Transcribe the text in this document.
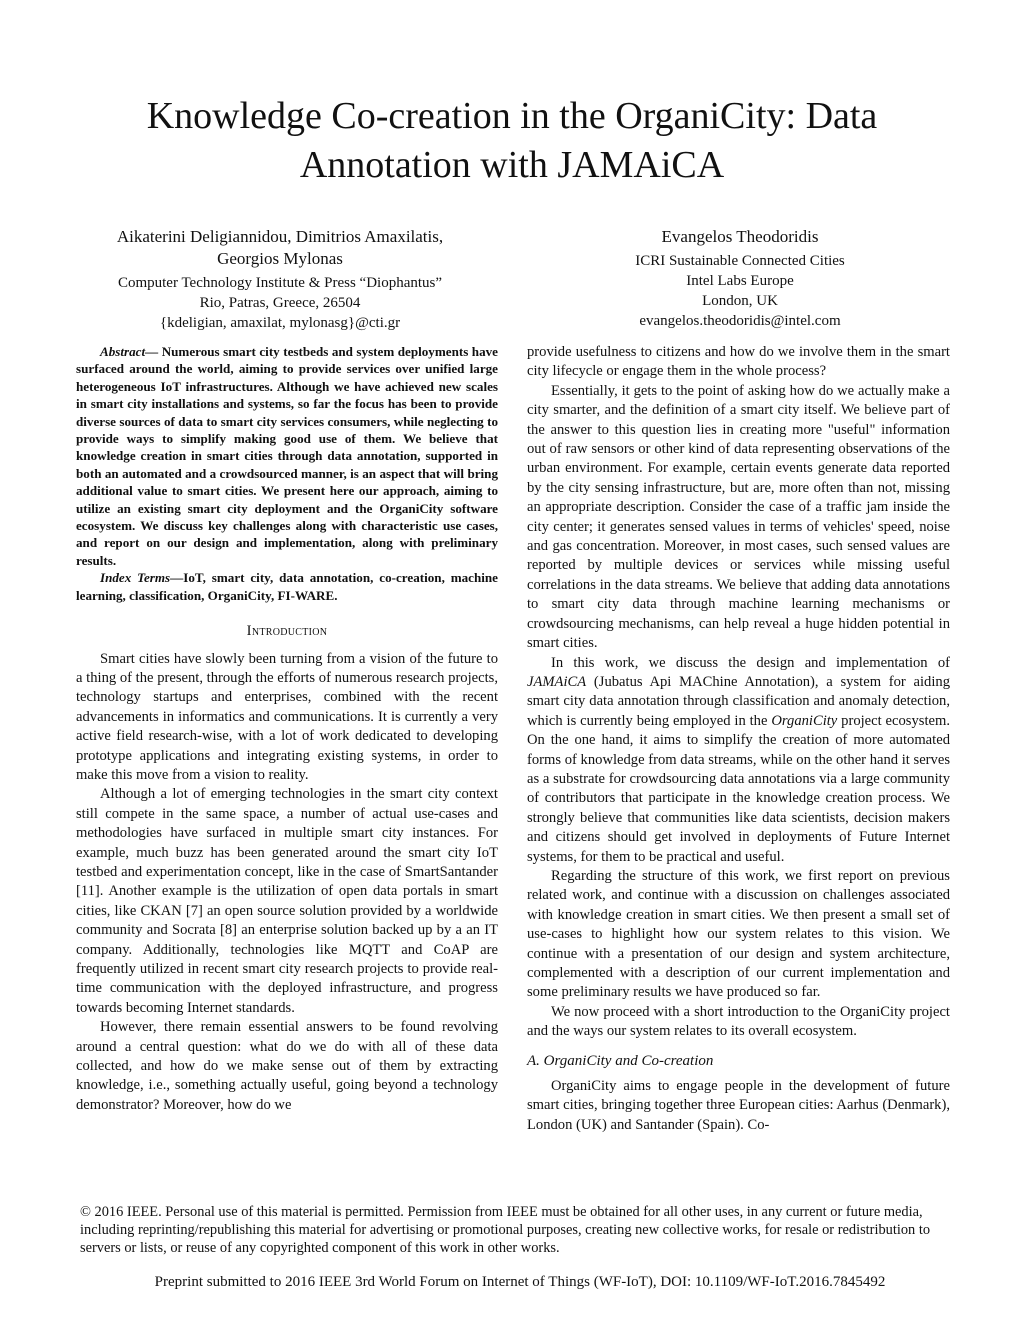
Knowledge Co-creation in the OrganiCity: Data Annotation with JAMAiCA
Aikaterini Deligiannidou, Dimitrios Amaxilatis,
Georgios Mylonas
Computer Technology Institute & Press “Diophantus”
Rio, Patras, Greece, 26504
{kdeligian, amaxilat, mylonasg}@cti.gr
Evangelos Theodoridis
ICRI Sustainable Connected Cities
Intel Labs Europe
London, UK
evangelos.theodoridis@intel.com

Abstract— Numerous smart city testbeds and system deployments have surfaced around the world, aiming to provide services over unified large heterogeneous IoT infrastructures. Although we have achieved new scales in smart city installations and systems, so far the focus has been to provide diverse sources of data to smart city services consumers, while neglecting to provide ways to simplify making good use of them. We believe that knowledge creation in smart cities through data annotation, supported in both an automated and a crowdsourced manner, is an aspect that will bring additional value to smart cities. We present here our approach, aiming to utilize an existing smart city deployment and the OrganiCity software ecosystem. We discuss key challenges along with characteristic use cases, and report on our design and implementation, along with preliminary results.

Index Terms—IoT, smart city, data annotation, co-creation, machine learning, classification, OrganiCity, FI-WARE.

Introduction

Smart cities have slowly been turning from a vision of the future to a thing of the present, through the efforts of numerous research projects, technology startups and enterprises, combined with the recent advancements in informatics and communications. It is currently a very active field research-wise, with a lot of work dedicated to developing prototype applications and integrating existing systems, in order to make this move from a vision to reality.

Although a lot of emerging technologies in the smart city context still compete in the same space, a number of actual use-cases and methodologies have surfaced in multiple smart city instances. For example, much buzz has been generated around the smart city IoT testbed and experimentation concept, like in the case of SmartSantander [11]. Another example is the utilization of open data portals in smart cities, like CKAN [7] an open source solution provided by a worldwide community and Socrata [8] an enterprise solution backed up by a an IT company. Additionally, technologies like MQTT and CoAP are frequently utilized in recent smart city research projects to provide real-time communication with the deployed infrastructure, and progress towards becoming Internet standards.

However, there remain essential answers to be found revolving around a central question: what do we do with all of these data collected, and how do we make sense out of them by extracting knowledge, i.e., something actually useful, going beyond a technology demonstrator? Moreover, how do we

provide usefulness to citizens and how do we involve them in the smart city lifecycle or engage them in the whole process?

Essentially, it gets to the point of asking how do we actually make a city smarter, and the definition of a smart city itself. We believe part of the answer to this question lies in creating more "useful" information out of raw sensors or other kind of data representing observations of the urban environment. For example, certain events generate data reported by the city sensing infrastructure, but are, more often than not, missing an appropriate description. Consider the case of a traffic jam inside the city center; it generates sensed values in terms of vehicles' speed, noise and gas concentration. Moreover, in most cases, such sensed values are reported by multiple devices or services while missing useful correlations in the data streams. We believe that adding data annotations to smart city data through machine learning mechanisms or crowdsourcing mechanisms, can help reveal a huge hidden potential in smart cities.

In this work, we discuss the design and implementation of JAMAiCA (Jubatus Api MAChine Annotation), a system for aiding smart city data annotation through classification and anomaly detection, which is currently being employed in the OrganiCity project ecosystem. On the one hand, it aims to simplify the creation of more automated forms of knowledge from data streams, while on the other hand it serves as a substrate for crowdsourcing data annotations via a large community of contributors that participate in the knowledge creation process. We strongly believe that communities like data scientists, decision makers and citizens should get involved in deployments of Future Internet systems, for them to be practical and useful.

Regarding the structure of this work, we first report on previous related work, and continue with a discussion on challenges associated with knowledge creation in smart cities. We then present a small set of use-cases to highlight how our system relates to this vision. We continue with a presentation of our design and system architecture, complemented with a description of our current implementation and some preliminary results we have produced so far.

We now proceed with a short introduction to the OrganiCity project and the ways our system relates to its overall ecosystem.

A. OrganiCity and Co-creation

OrganiCity aims to engage people in the development of future smart cities, bringing together three European cities: Aarhus (Denmark), London (UK) and Santander (Spain). Co-

© 2016 IEEE. Personal use of this material is permitted. Permission from IEEE must be obtained for all other uses, in any current or future media, including reprinting/republishing this material for advertising or promotional purposes, creating new collective works, for resale or redistribution to servers or lists, or reuse of any copyrighted component of this work in other works.
Preprint submitted to 2016 IEEE 3rd World Forum on Internet of Things (WF-IoT), DOI: 10.1109/WF-IoT.2016.7845492
